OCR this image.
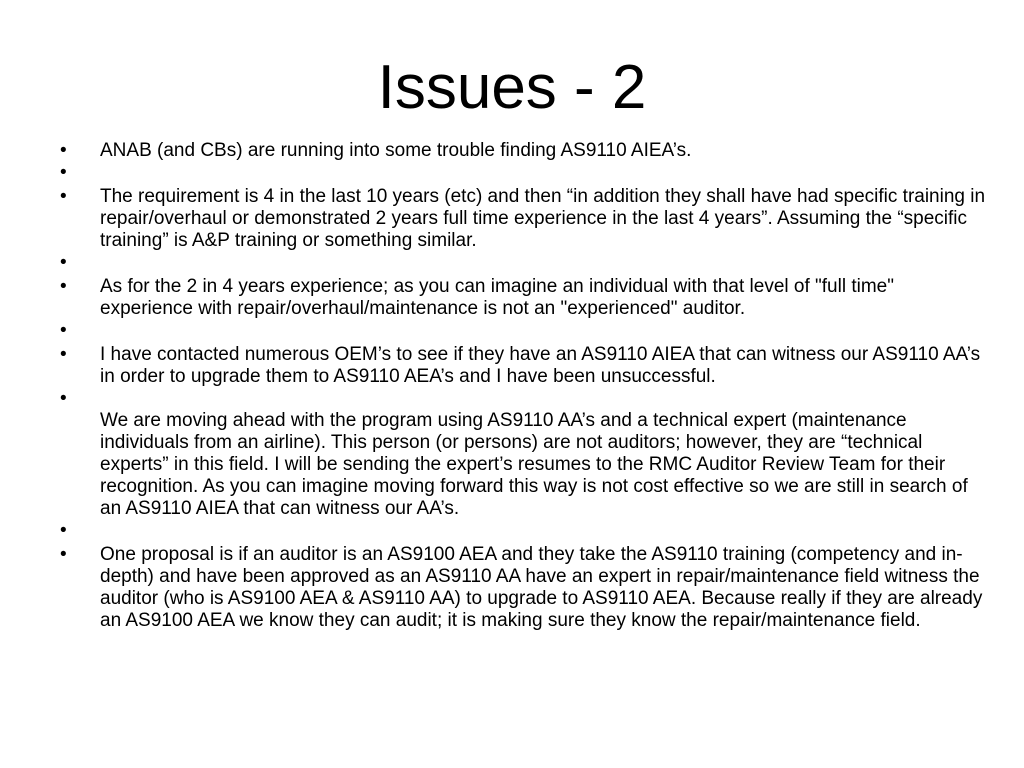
Issues - 2
• ANAB (and CBs) are running into some trouble finding AS9110 AIEA’s.
•
• The requirement is 4 in the last 10 years (etc) and then “in addition they shall have had specific training in repair/overhaul or demonstrated 2 years full time experience in the last 4 years”. Assuming the “specific training” is A&P training or something similar.
•
• As for the 2 in 4 years experience; as you can imagine an individual with that level of "full time" experience with repair/overhaul/maintenance is not an "experienced" auditor.
•
• I have contacted numerous OEM’s to see if they have an AS9110 AIEA that can witness our AS9110 AA’s in order to upgrade them to AS9110 AEA’s and I have been unsuccessful.
•
We are moving ahead with the program using AS9110 AA’s and a technical expert (maintenance individuals from an airline). This person (or persons) are not auditors; however, they are “technical experts” in this field. I will be sending the expert’s resumes to the RMC Auditor Review Team for their recognition. As you can imagine moving forward this way is not cost effective so we are still in search of an AS9110 AIEA that can witness our AA’s.
•
• One proposal is if an auditor is an AS9100 AEA and they take the AS9110 training (competency and in-depth) and have been approved as an AS9110 AA have an expert in repair/maintenance field witness the auditor (who is AS9100 AEA & AS9110 AA) to upgrade to AS9110 AEA. Because really if they are already an AS9100 AEA we know they can audit; it is making sure they know the repair/maintenance field.
